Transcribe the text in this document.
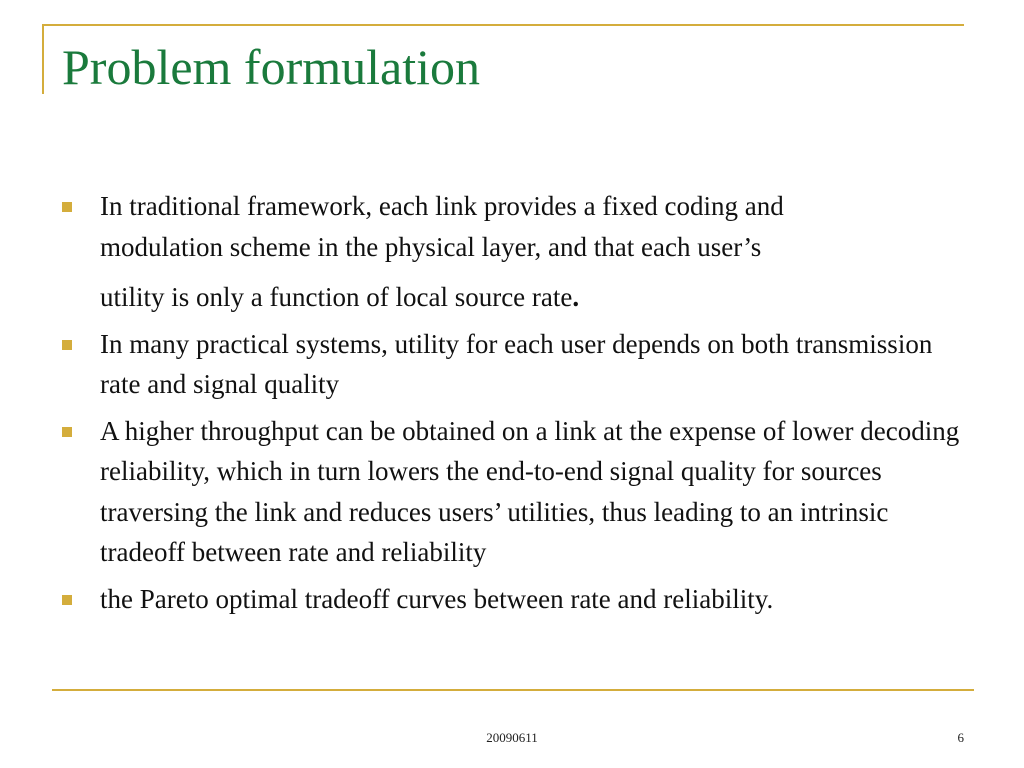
Problem formulation
In traditional framework, each link provides a fixed coding and
modulation scheme in the physical layer, and that each user’s
utility is only a function of local source rate.
In many practical systems, utility for each user depends on both transmission rate and signal quality
A higher throughput can be obtained on a link at the expense of lower decoding reliability, which in turn lowers the end-to-end signal quality for sources traversing the link and reduces users’ utilities, thus leading to an intrinsic tradeoff between rate and reliability
the Pareto optimal tradeoff curves between rate and reliability.
20090611	6
